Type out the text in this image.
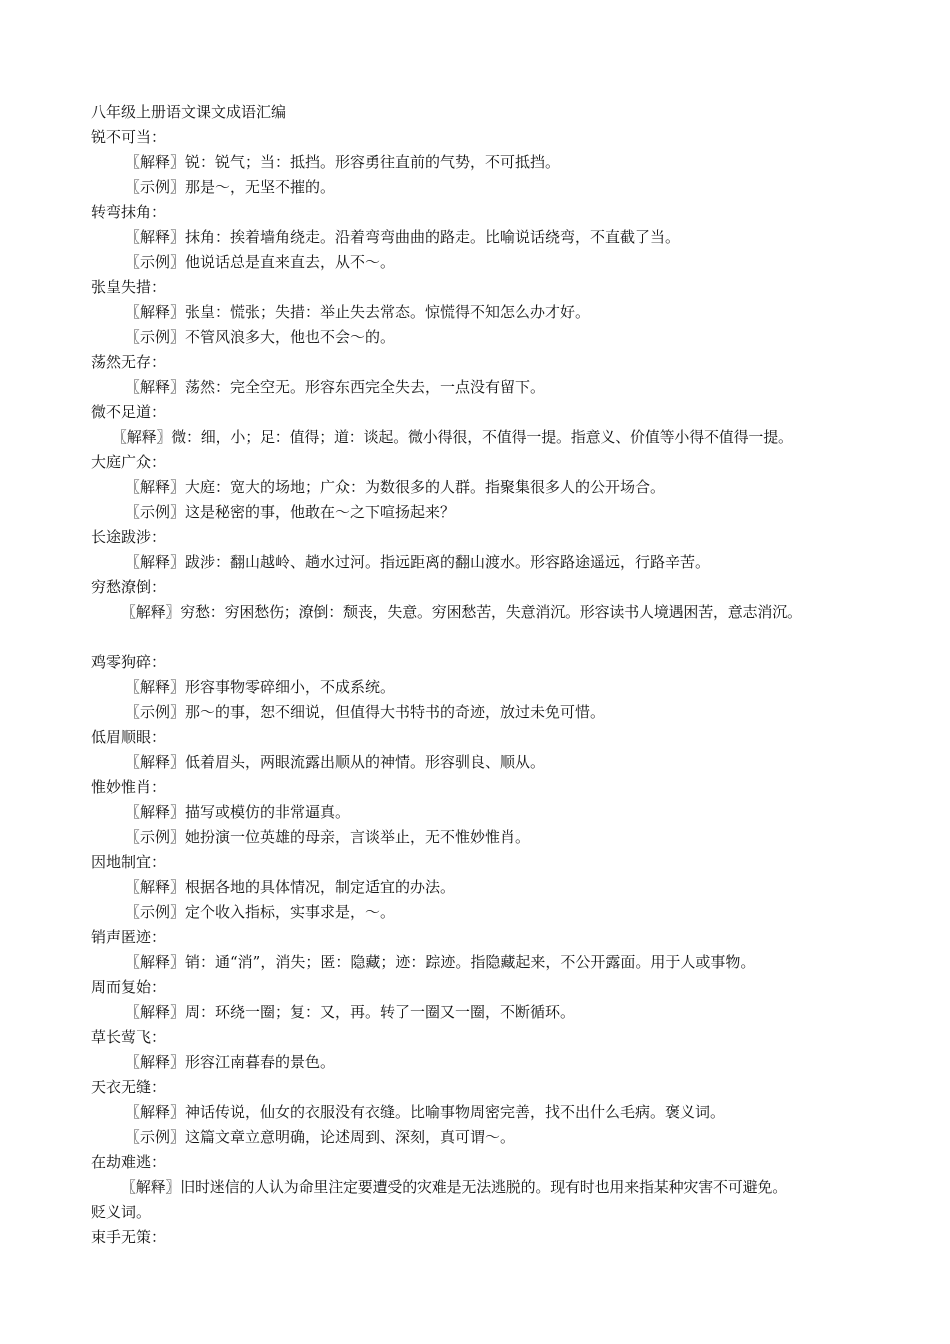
八年级上册语文课文成语汇编
锐不可当：
〖解释〗锐：锐气；当：抵挡。形容勇往直前的气势，不可抵挡。
〖示例〗那是～，无坚不摧的。
转弯抹角：
〖解释〗抹角：挨着墙角绕走。沿着弯弯曲曲的路走。比喻说话绕弯，不直截了当。
〖示例〗他说话总是直来直去，从不～。
张皇失措：
〖解释〗张皇：慌张；失措：举止失去常态。惊慌得不知怎么办才好。
〖示例〗不管风浪多大，他也不会～的。
荡然无存：
〖解释〗荡然：完全空无。形容东西完全失去，一点没有留下。
微不足道：
〖解释〗微：细，小；足：值得；道：谈起。微小得很，不值得一提。指意义、价值等小得不值得一提。
大庭广众：
〖解释〗大庭：宽大的场地；广众：为数很多的人群。指聚集很多人的公开场合。
〖示例〗这是秘密的事，他敢在～之下喧扬起来？
长途跋涉：
〖解释〗跋涉：翻山越岭、趟水过河。指远距离的翻山渡水。形容路途遥远，行路辛苦。
穷愁潦倒：
〖解释〗穷愁：穷困愁伤；潦倒：颓丧，失意。穷困愁苦，失意消沉。形容读书人境遇困苦，意志消沉。
鸡零狗碎：
〖解释〗形容事物零碎细小，不成系统。
〖示例〗那～的事，恕不细说，但值得大书特书的奇迹，放过未免可惜。
低眉顺眼：
〖解释〗低着眉头，两眼流露出顺从的神情。形容驯良、顺从。
惟妙惟肖：
〖解释〗描写或模仿的非常逼真。
〖示例〗她扮演一位英雄的母亲，言谈举止，无不惟妙惟肖。
因地制宜：
〖解释〗根据各地的具体情况，制定适宜的办法。
〖示例〗定个收入指标，实事求是，～。
销声匿迹：
〖解释〗销：通“消”，消失；匿：隐藏；迹：踪迹。指隐藏起来，不公开露面。用于人或事物。
周而复始：
〖解释〗周：环绕一圈；复：又，再。转了一圈又一圈，不断循环。
草长莺飞：
〖解释〗形容江南暮春的景色。
天衣无缝：
〖解释〗神话传说，仙女的衣服没有衣缝。比喻事物周密完善，找不出什么毛病。褒义词。
〖示例〗这篇文章立意明确，论述周到、深刻，真可谓～。
在劫难逃：
〖解释〗旧时迷信的人认为命里注定要遭受的灾难是无法逃脱的。现有时也用来指某种灾害不可避免。
贬义词。
束手无策：
